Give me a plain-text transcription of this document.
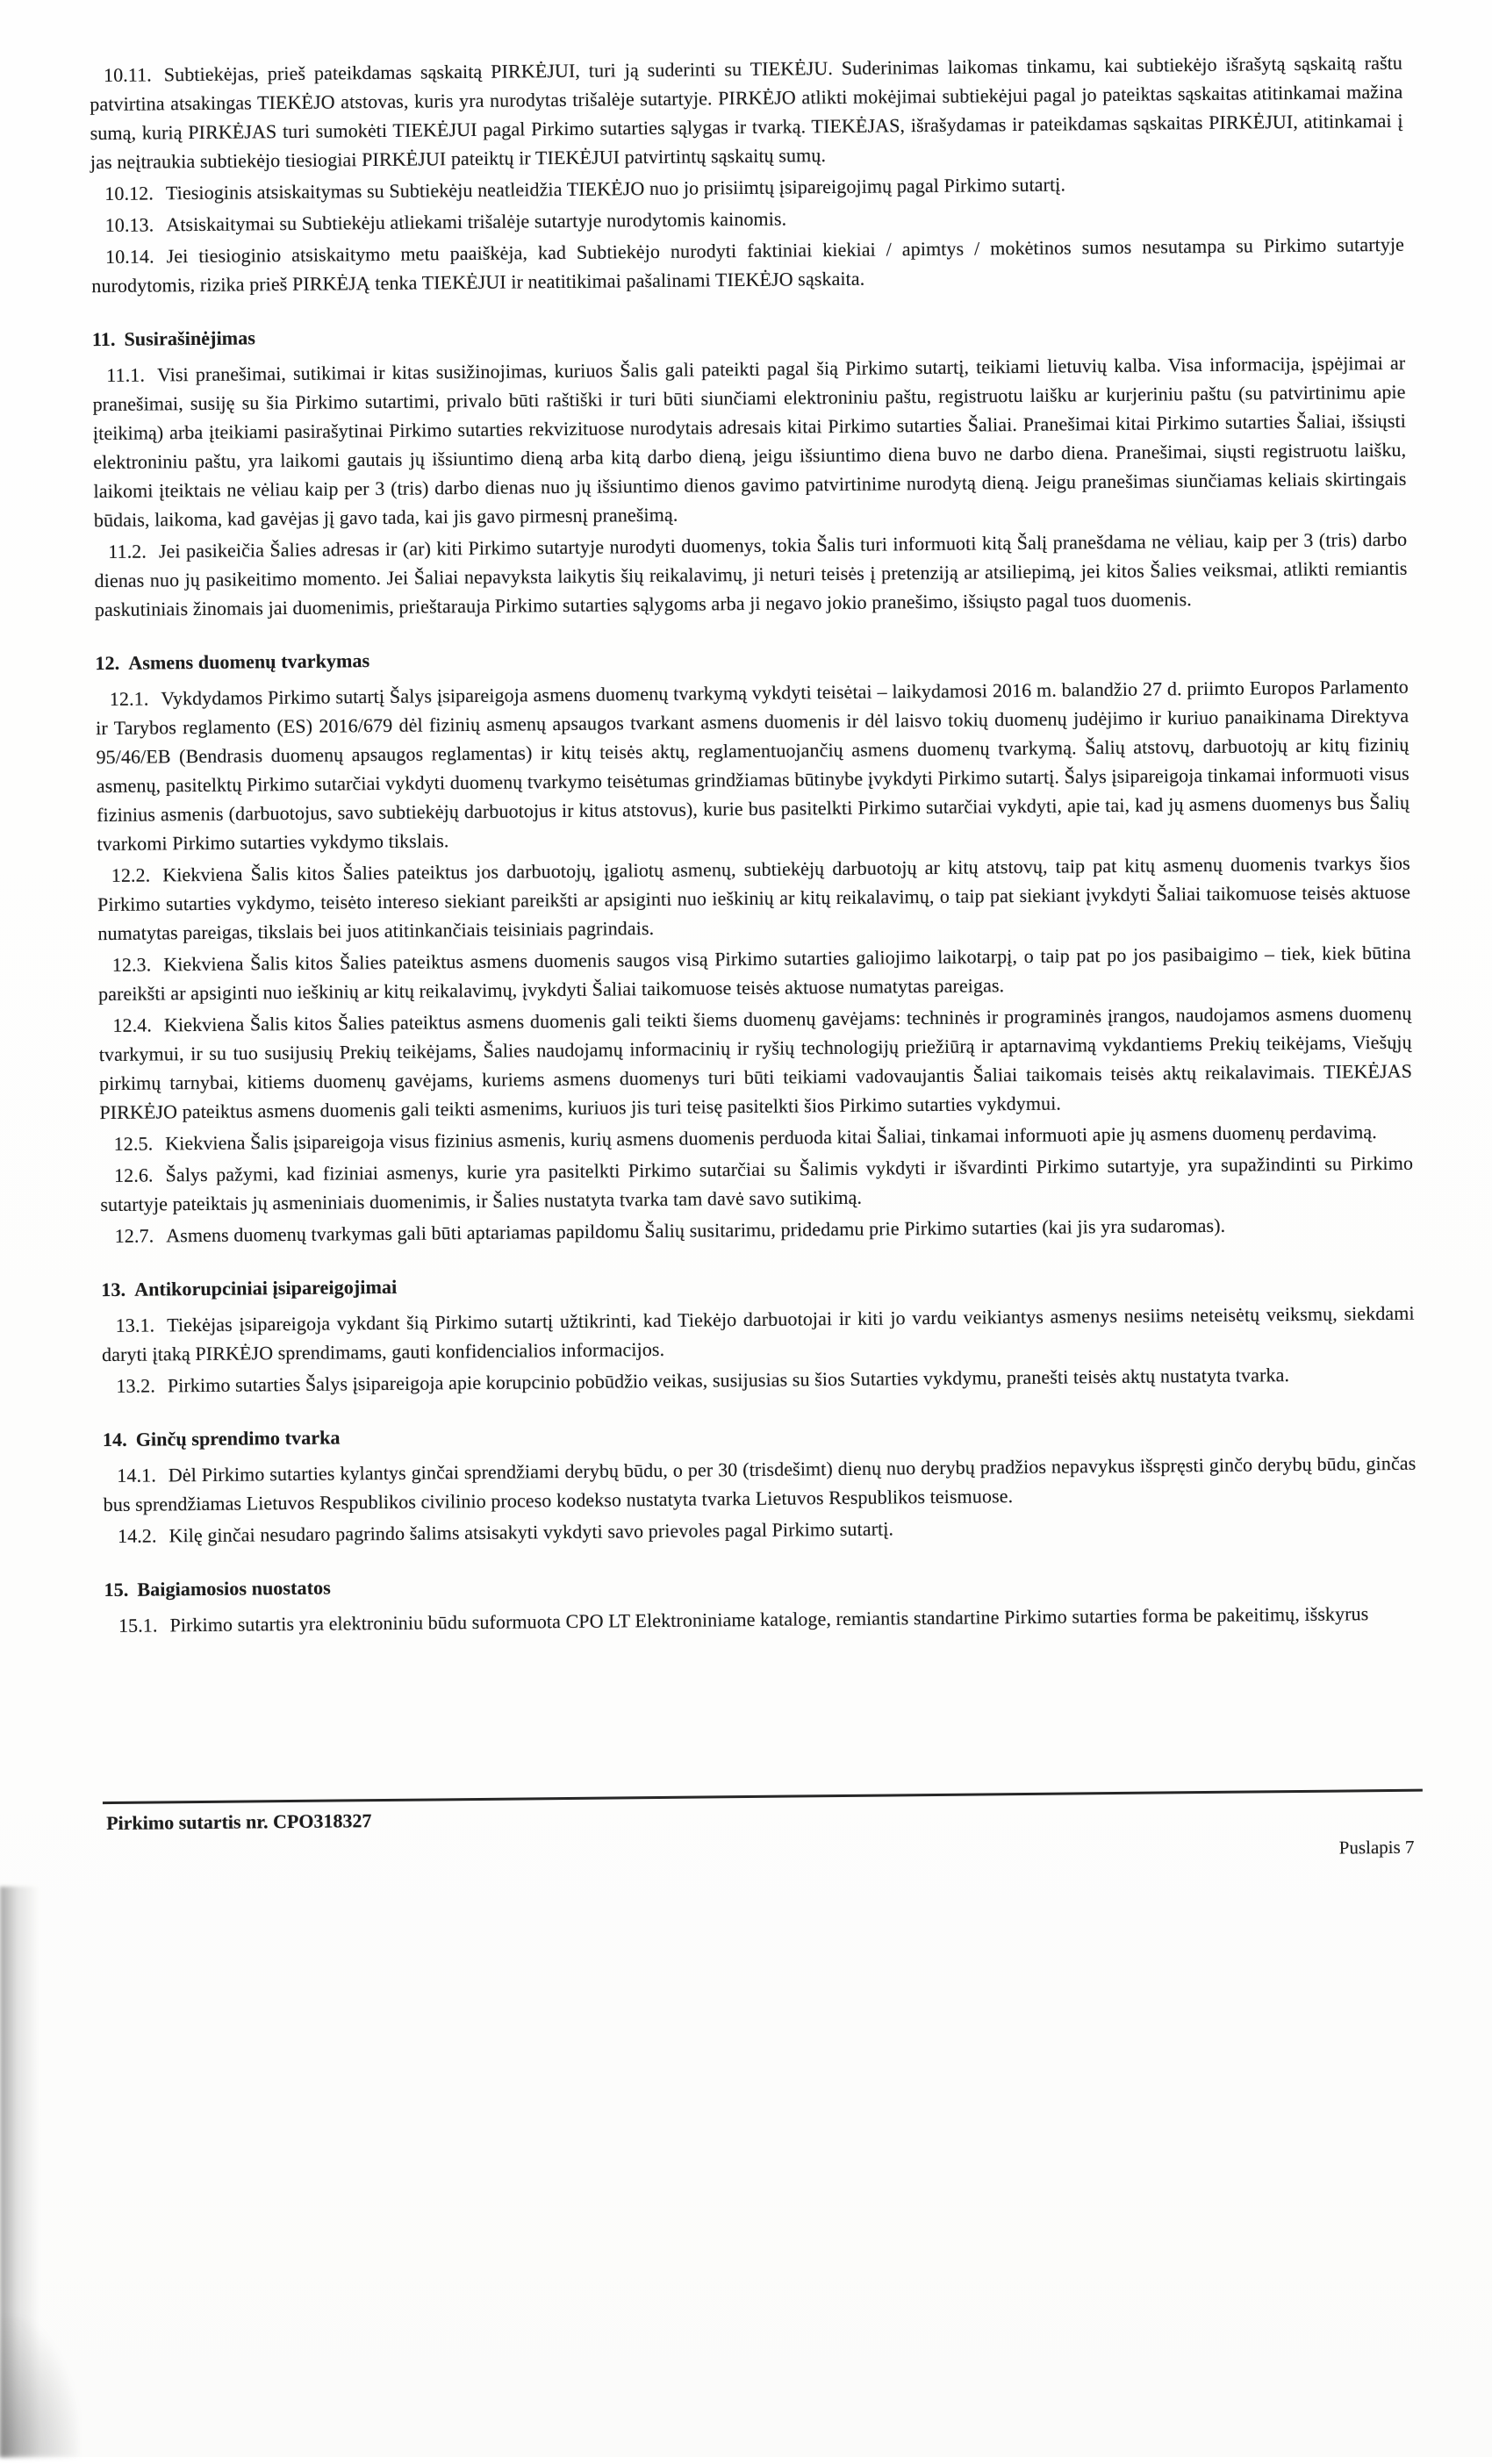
10.11. Subtiekėjas, prieš pateikdamas sąskaitą PIRKĖJUI, turi ją suderinti su TIEKĖJU. Suderinimas laikomas tinkamu, kai subtiekėjo išrašytą sąskaitą raštu patvirtina atsakingas TIEKĖJO atstovas, kuris yra nurodytas trišalėje sutartyje. PIRKĖJO atlikti mokėjimai subtiekėjui pagal jo pateiktas sąskaitas atitinkamai mažina sumą, kurią PIRKĖJAS turi sumokėti TIEKĖJUI pagal Pirkimo sutarties sąlygas ir tvarką. TIEKĖJAS, išrašydamas ir pateikdamas sąskaitas PIRKĖJUI, atitinkamai į jas neįtraukia subtiekėjo tiesiogiai PIRKĖJUI pateiktų ir TIEKĖJUI patvirtintų sąskaitų sumų.

10.12. Tiesioginis atsiskaitymas su Subtiekėju neatleidžia TIEKĖJO nuo jo prisiimtų įsipareigojimų pagal Pirkimo sutartį.

10.13. Atsiskaitymai su Subtiekėju atliekami trišalėje sutartyje nurodytomis kainomis.

10.14. Jei tiesioginio atsiskaitymo metu paaiškėja, kad Subtiekėjo nurodyti faktiniai kiekiai / apimtys / mokėtinos sumos nesutampa su Pirkimo sutartyje nurodytomis, rizika prieš PIRKĖJĄ tenka TIEKĖJUI ir neatitikimai pašalinami TIEKĖJO sąskaita.

11. Susirašinėjimas

11.1. Visi pranešimai, sutikimai ir kitas susižinojimas, kuriuos Šalis gali pateikti pagal šią Pirkimo sutartį, teikiami lietuvių kalba. Visa informacija, įspėjimai ar pranešimai, susiję su šia Pirkimo sutartimi, privalo būti raštiški ir turi būti siunčiami elektroniniu paštu, registruotu laišku ar kurjeriniu paštu (su patvirtinimu apie įteikimą) arba įteikiami pasirašytinai Pirkimo sutarties rekvizituose nurodytais adresais kitai Pirkimo sutarties Šaliai. Pranešimai kitai Pirkimo sutarties Šaliai, išsiųsti elektroniniu paštu, yra laikomi gautais jų išsiuntimo dieną arba kitą darbo dieną, jeigu išsiuntimo diena buvo ne darbo diena. Pranešimai, siųsti registruotu laišku, laikomi įteiktais ne vėliau kaip per 3 (tris) darbo dienas nuo jų išsiuntimo dienos gavimo patvirtinime nurodytą dieną. Jeigu pranešimas siunčiamas keliais skirtingais būdais, laikoma, kad gavėjas jį gavo tada, kai jis gavo pirmesnį pranešimą.

11.2. Jei pasikeičia Šalies adresas ir (ar) kiti Pirkimo sutartyje nurodyti duomenys, tokia Šalis turi informuoti kitą Šalį pranešdama ne vėliau, kaip per 3 (tris) darbo dienas nuo jų pasikeitimo momento. Jei Šaliai nepavyksta laikytis šių reikalavimų, ji neturi teisės į pretenziją ar atsiliepimą, jei kitos Šalies veiksmai, atlikti remiantis paskutiniais žinomais jai duomenimis, prieštarauja Pirkimo sutarties sąlygoms arba ji negavo jokio pranešimo, išsiųsto pagal tuos duomenis.

12. Asmens duomenų tvarkymas

12.1. Vykdydamos Pirkimo sutartį Šalys įsipareigoja asmens duomenų tvarkymą vykdyti teisėtai – laikydamosi 2016 m. balandžio 27 d. priimto Europos Parlamento ir Tarybos reglamento (ES) 2016/679 dėl fizinių asmenų apsaugos tvarkant asmens duomenis ir dėl laisvo tokių duomenų judėjimo ir kuriuo panaikinama Direktyva 95/46/EB (Bendrasis duomenų apsaugos reglamentas) ir kitų teisės aktų, reglamentuojančių asmens duomenų tvarkymą. Šalių atstovų, darbuotojų ar kitų fizinių asmenų, pasitelktų Pirkimo sutarčiai vykdyti duomenų tvarkymo teisėtumas grindžiamas būtinybe įvykdyti Pirkimo sutartį. Šalys įsipareigoja tinkamai informuoti visus fizinius asmenis (darbuotojus, savo subtiekėjų darbuotojus ir kitus atstovus), kurie bus pasitelkti Pirkimo sutarčiai vykdyti, apie tai, kad jų asmens duomenys bus Šalių tvarkomi Pirkimo sutarties vykdymo tikslais.

12.2. Kiekviena Šalis kitos Šalies pateiktus jos darbuotojų, įgaliotų asmenų, subtiekėjų darbuotojų ar kitų atstovų, taip pat kitų asmenų duomenis tvarkys šios Pirkimo sutarties vykdymo, teisėto intereso siekiant pareikšti ar apsiginti nuo ieškinių ar kitų reikalavimų, o taip pat siekiant įvykdyti Šaliai taikomuose teisės aktuose numatytas pareigas, tikslais bei juos atitinkančiais teisiniais pagrindais.

12.3. Kiekviena Šalis kitos Šalies pateiktus asmens duomenis saugos visą Pirkimo sutarties galiojimo laikotarpį, o taip pat po jos pasibaigimo – tiek, kiek būtina pareikšti ar apsiginti nuo ieškinių ar kitų reikalavimų, įvykdyti Šaliai taikomuose teisės aktuose numatytas pareigas.

12.4. Kiekviena Šalis kitos Šalies pateiktus asmens duomenis gali teikti šiems duomenų gavėjams: techninės ir programinės įrangos, naudojamos asmens duomenų tvarkymui, ir su tuo susijusių Prekių teikėjams, Šalies naudojamų informacinių ir ryšių technologijų priežiūrą ir aptarnavimą vykdantiems Prekių teikėjams, Viešųjų pirkimų tarnybai, kitiems duomenų gavėjams, kuriems asmens duomenys turi būti teikiami vadovaujantis Šaliai taikomais teisės aktų reikalavimais. TIEKĖJAS PIRKĖJO pateiktus asmens duomenis gali teikti asmenims, kuriuos jis turi teisę pasitelkti šios Pirkimo sutarties vykdymui.

12.5. Kiekviena Šalis įsipareigoja visus fizinius asmenis, kurių asmens duomenis perduoda kitai Šaliai, tinkamai informuoti apie jų asmens duomenų perdavimą.

12.6. Šalys pažymi, kad fiziniai asmenys, kurie yra pasitelkti Pirkimo sutarčiai su Šalimis vykdyti ir išvardinti Pirkimo sutartyje, yra supažindinti su Pirkimo sutartyje pateiktais jų asmeniniais duomenimis, ir Šalies nustatyta tvarka tam davė savo sutikimą.

12.7. Asmens duomenų tvarkymas gali būti aptariamas papildomu Šalių susitarimu, pridedamu prie Pirkimo sutarties (kai jis yra sudaromas).

13. Antikorupciniai įsipareigojimai

13.1. Tiekėjas įsipareigoja vykdant šią Pirkimo sutartį užtikrinti, kad Tiekėjo darbuotojai ir kiti jo vardu veikiantys asmenys nesiims neteisėtų veiksmų, siekdami daryti įtaką PIRKĖJO sprendimams, gauti konfidencialios informacijos.

13.2. Pirkimo sutarties Šalys įsipareigoja apie korupcinio pobūdžio veikas, susijusias su šios Sutarties vykdymu, pranešti teisės aktų nustatyta tvarka.

14. Ginčų sprendimo tvarka

14.1. Dėl Pirkimo sutarties kylantys ginčai sprendžiami derybų būdu, o per 30 (trisdešimt) dienų nuo derybų pradžios nepavykus išspręsti ginčo derybų būdu, ginčas bus sprendžiamas Lietuvos Respublikos civilinio proceso kodekso nustatyta tvarka Lietuvos Respublikos teismuose.

14.2. Kilę ginčai nesudaro pagrindo šalims atsisakyti vykdyti savo prievoles pagal Pirkimo sutartį.

15. Baigiamosios nuostatos

15.1. Pirkimo sutartis yra elektroniniu būdu suformuota CPO LT Elektroniniame kataloge, remiantis standartine Pirkimo sutarties forma be pakeitimų, išskyrus

Pirkimo sutartis nr. CPO318327
Puslapis 7
